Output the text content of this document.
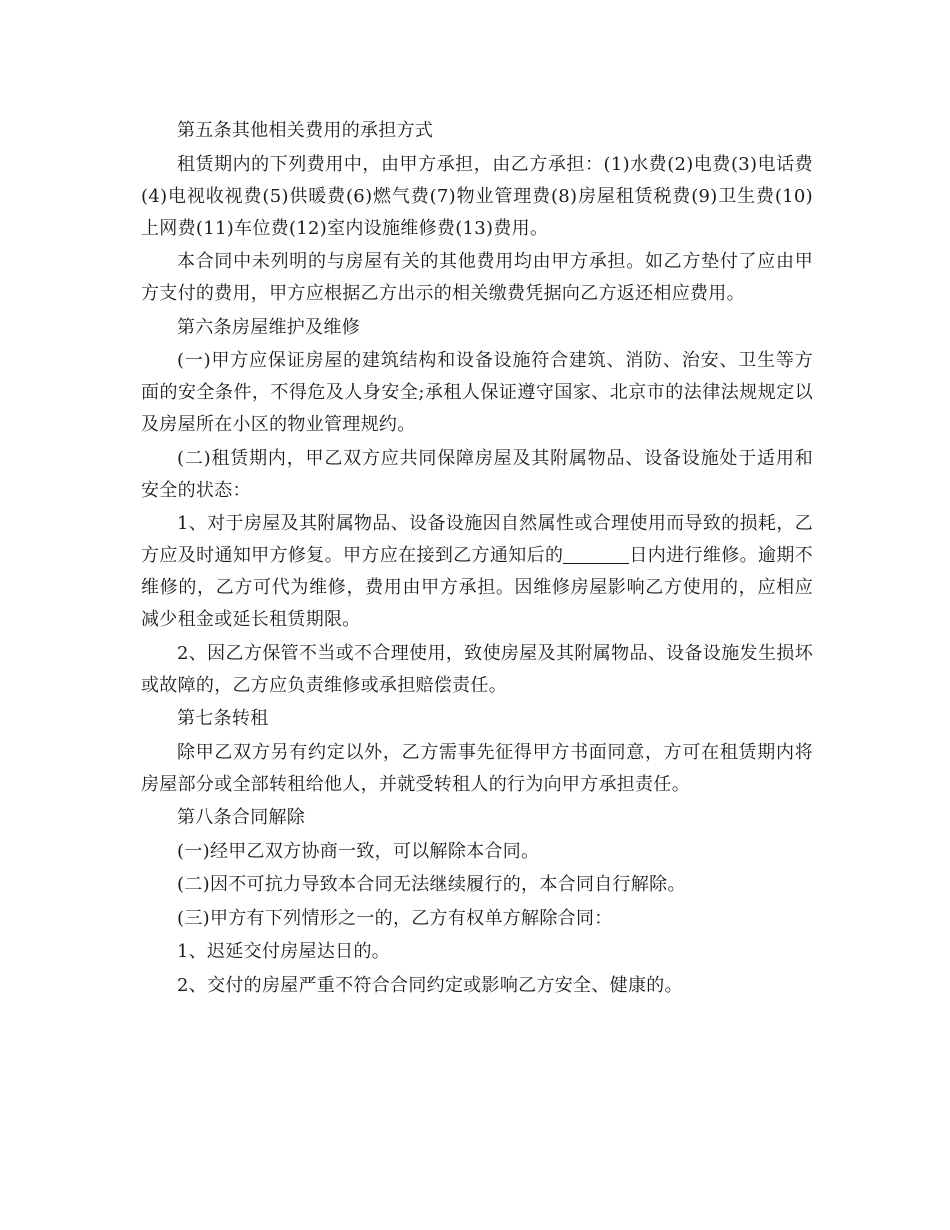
第五条其他相关费用的承担方式

租赁期内的下列费用中，由甲方承担，由乙方承担：(1)水费(2)电费(3)电话费(4)电视收视费(5)供暖费(6)燃气费(7)物业管理费(8)房屋租赁税费(9)卫生费(10)上网费(11)车位费(12)室内设施维修费(13)费用。

本合同中未列明的与房屋有关的其他费用均由甲方承担。如乙方垫付了应由甲方支付的费用，甲方应根据乙方出示的相关缴费凭据向乙方返还相应费用。

第六条房屋维护及维修

(一)甲方应保证房屋的建筑结构和设备设施符合建筑、消防、治安、卫生等方面的安全条件，不得危及人身安全;承租人保证遵守国家、北京市的法律法规规定以及房屋所在小区的物业管理规约。

(二)租赁期内，甲乙双方应共同保障房屋及其附属物品、设备设施处于适用和安全的状态：

1、对于房屋及其附属物品、设备设施因自然属性或合理使用而导致的损耗，乙方应及时通知甲方修复。甲方应在接到乙方通知后的	日内进行维修。逾期不维修的，乙方可代为维修，费用由甲方承担。因维修房屋影响乙方使用的，应相应减少租金或延长租赁期限。

2、因乙方保管不当或不合理使用，致使房屋及其附属物品、设备设施发生损坏或故障的，乙方应负责维修或承担赔偿责任。

第七条转租

除甲乙双方另有约定以外，乙方需事先征得甲方书面同意，方可在租赁期内将房屋部分或全部转租给他人，并就受转租人的行为向甲方承担责任。

第八条合同解除

(一)经甲乙双方协商一致，可以解除本合同。

(二)因不可抗力导致本合同无法继续履行的，本合同自行解除。

(三)甲方有下列情形之一的，乙方有权单方解除合同：

1、迟延交付房屋达日的。

2、交付的房屋严重不符合合同约定或影响乙方安全、健康的。
